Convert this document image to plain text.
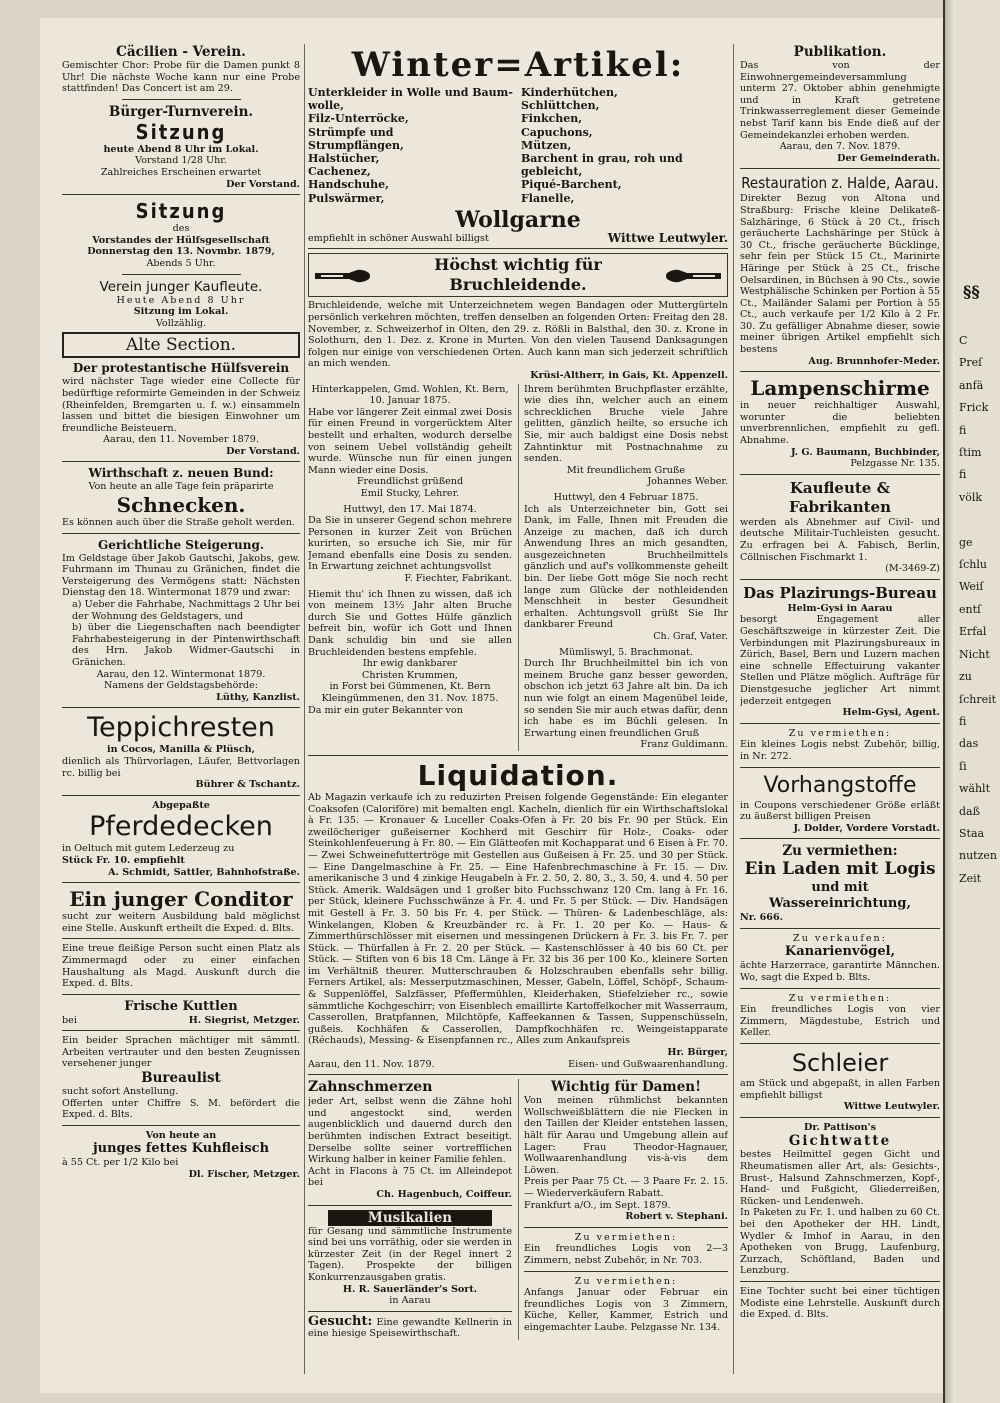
Cäcilien - Verein.

Gemischter Chor: Probe für die Damen punkt 8 Uhr! Die nächste Woche kann nur eine Probe stattfinden! Das Concert ist am 29.

Bürger-Turnverein.

Sitzung

heute Abend 8 Uhr im Lokal.

Vorstand 1/28 Uhr.

Zahlreiches Erscheinen erwartet

Der Vorstand.

Sitzung

des

Vorstandes der Hülfsgesellschaft

Donnerstag den 13. Novmbr. 1879,

Abends 5 Uhr.

Verein junger Kaufleute.

Heute Abend 8 Uhr

Sitzung im Lokal.

Vollzählig.

Alte Section.

Der protestantische Hülfsverein

wird nächster Tage wieder eine Collecte für bedürftige reformirte Gemeinden in der Schweiz (Rheinfelden, Bremgarten u. f. w.) einsammeln lassen und bittet die biesigen Einwohner um freundliche Beisteuern.

Aarau, den 11. November 1879.

Der Vorstand.

Wirthschaft z. neuen Bund:

Von heute an alle Tage fein präparirte

Schnecken.

Es können auch über die Straße geholt werden.

Gerichtliche Steigerung.

Im Geldstage über Jakob Gautschi, Jakobs, gew. Fuhrmann im Thunau zu Gränichen, findet die Versteigerung des Vermögens statt: Nächsten Dienstag den 18. Wintermonat 1879 und zwar:

a) Ueber die Fahrhabe, Nachmittags 2 Uhr bei der Wohnung des Geldstagers, und

b) über die Liegenschaften nach beendigter Fahrhabesteigerung in der Pintenwirthschaft des Hrn. Jakob Widmer-Gautschi in Gränichen.

Aarau, den 12. Wintermonat 1879.

Namens der Geldstagsbehörde:

Lüthy, Kanzlist.

Teppichresten

in Cocos, Manilla & Plüsch,

dienlich als Thürvorlagen, Läufer, Bettvorlagen rc. billig bei

Bührer & Tschantz.

Abgepaßte

Pferdedecken

in Oeltuch mit gutem Lederzeug zu

Stück Fr. 10. empfiehlt

A. Schmidt, Sattler, Bahnhofstraße.

Ein junger Conditor

sucht zur weitern Ausbildung bald möglichst eine Stelle. Auskunft ertheilt die Exped. d. Blts.

Eine treue fleißige Person sucht einen Platz als Zimmermagd oder zu einer einfachen Haushaltung als Magd. Auskunft durch die Exped. d. Blts.

Frische Kuttlen

bei	H. Siegrist, Metzger.

Ein beider Sprachen mächtiger mit sämmtl. Arbeiten vertrauter und den besten Zeugnissen versehener junger

Bureaulist

sucht sofort Anstellung.

Offerten unter Chiffre S. M. befördert die Exped. d. Blts.

Von heute an

junges fettes Kuhfleisch

à 55 Ct. per 1/2 Kilo bei

Dl. Fischer, Metzger.

Winter=Artikel:

Unterkleider in Wolle und Baum-
wolle,
Filz-Unterröcke,
Strümpfe und
Strumpflängen,
Halstücher,
Cachenez,
Handschuhe,
Pulswärmer,
Kinderhütchen,
Schlüttchen,
Finkchen,
Capuchons,
Mützen,
Barchent in grau, roh und gebleicht,
Piqué-Barchent,
Flanelle,

Wollgarne

empfiehlt in schöner Auswahl billigst	Wittwe Leutwyler.

Höchst wichtig für Bruchleidende.

Bruchleidende, welche mit Unterzeichnetem wegen Bandagen oder Muttergürteln persönlich verkehren möchten, treffen denselben an folgenden Orten: Freitag den 28. November, z. Schweizerhof in Olten, den 29. z. Rößli in Balsthal, den 30. z. Krone in Solothurn, den 1. Dez. z. Krone in Murten. Von den vielen Tausend Danksagungen folgen nur einige von verschiedenen Orten. Auch kann man sich jederzeit schriftlich an mich wenden.

Krüsi-Altherr, in Gais, Kt. Appenzell.

Hinterkappelen, Gmd. Wohlen, Kt. Bern, 10. Januar 1875.

Habe vor längerer Zeit einmal zwei Dosis für einen Freund in vorgerücktem Alter bestellt und erhalten, wodurch derselbe von seinem Uebel vollständig geheilt wurde. Wünsche nun für einen jungen Mann wieder eine Dosis.

Freundlichst grüßend

Emil Stucky, Lehrer.

Huttwyl, den 17. Mai 1874.

Da Sie in unserer Gegend schon mehrere Personen in kurzer Zeit von Brüchen kurirten, so ersuche ich Sie, mir für Jemand ebenfalls eine Dosis zu senden. In Erwartung zeichnet achtungsvollst

F. Fiechter, Fabrikant.

Hiemit thu' ich Ihnen zu wissen, daß ich von meinem 13½ Jahr alten Bruche durch Sie und Gottes Hülfe gänzlich befreit bin, wofür ich Gott und Ihnen Dank schuldig bin und sie allen Bruchleidenden bestens empfehle.

Ihr ewig dankbarer

Christen Krummen,

in Forst bei Gümmenen, Kt. Bern

Kleingümmenen, den 31. Nov. 1875.

Da mir ein guter Bekannter von

Ihrem berühmten Bruchpflaster erzählte, wie dies ihn, welcher auch an einem schrecklichen Bruche viele Jahre gelitten, gänzlich heilte, so ersuche ich Sie, mir auch baldigst eine Dosis nebst Zahntinktur mit Postnachnahme zu senden.

Mit freundlichem Gruße

Johannes Weber.

Huttwyl, den 4 Februar 1875.

Ich als Unterzeichneter bin, Gott sei Dank, im Falle, Ihnen mit Freuden die Anzeige zu machen, daß ich durch Anwendung Ihres an mich gesandten, ausgezeichneten Bruchheilmittels gänzlich und auf's vollkommenste geheilt bin. Der liebe Gott möge Sie noch recht lange zum Glücke der nothleidenden Menschheit in bester Gesundheit erhalten. Achtungsvoll grüßt Sie Ihr dankbarer Freund

Ch. Graf, Vater.

Mümliswyl, 5. Brachmonat.

Durch Ihr Bruchheilmittel bin ich von meinem Bruche ganz besser geworden, obschon ich jetzt 63 Jahre alt bin. Da ich nun wie folgt an einem Magenübel leide, so senden Sie mir auch etwas dafür, denn ich habe es im Büchli gelesen. In Erwartung einen freundlichen Gruß

Franz Guldimann.

Liquidation.

Ab Magazin verkaufe ich zu reduzirten Preisen folgende Gegenstände: Ein eleganter Coaksofen (Caloriföre) mit bemalten engl. Kacheln, dienlich für ein Wirthschaftslokal à Fr. 135. — Kronauer & Luceller Coaks-Ofen à Fr. 20 bis Fr. 90 per Stück. Ein zweilöcheriger gußeiserner Kochherd mit Geschirr für Holz-, Coaks- oder Steinkohlenfeuerung à Fr. 80. — Ein Glätteofen mit Kochapparat und 6 Eisen à Fr. 70. — Zwei Schweinefuttertröge mit Gestellen aus Gußeisen à Fr. 25. und 30 per Stück. — Eine Dangelmaschine à Fr. 25. — Eine Hafenbrechmaschine à Fr. 15. — Div. amerikanische 3 und 4 zinkige Heugabeln à Fr. 2. 50, 2. 80, 3., 3. 50, 4. und 4. 50 per Stück. Amerik. Waldsägen und 1 großer bito Fuchsschwanz 120 Cm. lang à Fr. 16. per Stück, kleinere Fuchsschwänze à Fr. 4. und Fr. 5 per Stück. — Div. Handsägen mit Gestell à Fr. 3. 50 bis Fr. 4. per Stück. — Thüren- & Ladenbeschläge, als: Winkelangen, Kloben & Kreuzbänder rc. à Fr. 1. 20 per Ko. — Haus- & Zimmerthürschlösser mit eisernen und messingenen Drückern à Fr. 3. bis Fr. 7. per Stück. — Thürfallen à Fr. 2. 20 per Stück. — Kastenschlösser à 40 bis 60 Ct. per Stück. — Stiften von 6 bis 18 Cm. Länge à Fr. 32 bis 36 per 100 Ko., kleinere Sorten im Verhältniß theurer. Mutterschrauben & Holzschrauben ebenfalls sehr billig. Ferners Artikel, als: Messerputzmaschinen, Messer, Gabeln, Löffel, Schöpf-, Schaum- & Suppenlöffel, Salzfässer, Pfeffermühlen, Kleiderhaken, Stiefelzieher rc., sowie sämmtliche Kochgeschirr; von Eisenblech emaillirte Kartoffelkocher mit Wasserraum, Casserollen, Bratpfannen, Milchtöpfe, Kaffeekannen & Tassen, Suppenschüsseln, gußeis. Kochhäfen & Casserollen, Dampfkochhäfen rc. Weingeistapparate (Réchauds), Messing- & Eisenpfannen rc., Alles zum Ankaufspreis

Hr. Bürger,

Aarau, den 11. Nov. 1879.	Eisen- und Gußwaarenhandlung.

Zahnschmerzen

jeder Art, selbst wenn die Zähne hohl und angestockt sind, werden augenblicklich und dauernd durch den berühmten indischen Extract beseitigt. Derselbe sollte seiner vortrefflichen Wirkung halber in keiner Familie fehlen.

Acht in Flacons à 75 Ct. im Alleindepot bei

Ch. Hagenbuch, Coiffeur.

Musikalien

für Gesang und sämmtliche Instrumente sind bei uns vorräthig, oder sie werden in kürzester Zeit (in der Regel innert 2 Tagen). Prospekte der billigen Konkurrenzausgaben gratis.

H. R. Sauerländer's Sort.

in Aarau

Gesucht: Eine gewandte Kellnerin in eine hiesige Speisewirthschaft.

Wichtig für Damen!

Von meinen rühmlichst bekannten Wollschweißblättern die nie Flecken in den Taillen der Kleider entstehen lassen, hält für Aarau und Umgebung allein auf Lager: Frau Theodor-Hagnauer, Wollwaarenhandlung vis-à-vis dem Löwen.

Preis per Paar 75 Ct. — 3 Paare Fr. 2. 15. — Wiederverkäufern Rabatt.

Frankfurt a/O., im Sept. 1879.

Robert v. Stephani.

Zu vermiethen:

Ein freundliches Logis von 2—3 Zimmern, nebst Zubehör, in Nr. 703.

Zu vermiethen:

Anfangs Januar oder Februar ein freundliches Logis von 3 Zimmern, Küche, Keller, Kammer, Estrich und eingemachter Laube. Pelzgasse Nr. 134.

Publikation.

Das von der Einwohnergemeindeversammlung unterm 27. Oktober abhin genehmigte und in Kraft getretene Trinkwasserreglement dieser Gemeinde nebst Tarif kann bis Ende dieß auf der Gemeindekanzlei erhoben werden.

Aarau, den 7. Nov. 1879.

Der Gemeinderath.

Restauration z. Halde, Aarau.

Direkter Bezug von Altona und Straßburg: Frische kleine Delikateß-Salzhäringe, 6 Stück à 20 Ct., frisch geräucherte Lachshäringe per Stück à 30 Ct., frische geräucherte Bücklinge, sehr fein per Stück 15 Ct., Marinirte Häringe per Stück à 25 Ct., frische Oelsardinen, in Büchsen à 90 Cts., sowie Westphälische Schinken per Portion à 55 Ct., Mailänder Salami per Portion à 55 Ct., auch verkaufe per 1/2 Kilo à 2 Fr. 30. Zu gefälliger Abnahme dieser, sowie meiner übrigen Artikel empfiehlt sich bestens

Aug. Brunnhofer-Meder.

Lampenschirme

in neuer reichhaltiger Auswahl, worunter die beliebten unverbrennlichen, empfiehlt zu gefl. Abnahme.

J. G. Baumann, Buchbinder,

Pelzgasse Nr. 135.

Kaufleute & Fabrikanten

werden als Abnehmer auf Civil- und deutsche Militair-Tuchleisten gesucht. Zu erfragen bei A. Fabisch, Berlin, Cöllnischen Fischmarkt 1.

(M-3469-Z)

Das Plazirungs-Bureau

Helm-Gysi in Aarau

besorgt Engagement aller Geschäftszweige in kürzester Zeit. Die Verbindungen mit Plazirungsbureaux in Zürich, Basel, Bern und Luzern machen eine schnelle Effectuirung vakanter Stellen und Plätze möglich. Aufträge für Dienstgesuche jeglicher Art nimmt jederzeit entgegen

Helm-Gysi, Agent.

Zu vermiethen:

Ein kleines Logis nebst Zubehör, billig, in Nr. 272.

Vorhangstoffe

in Coupons verschiedener Größe erläßt zu äußerst billigen Preisen

J. Dolder, Vordere Vorstadt.

Zu vermiethen:

Ein Laden mit Logis

und mit Wassereinrichtung,

Nr. 666.

Zu verkaufen:

Kanarienvögel,

ächte Harzerrace, garantirte Männchen. Wo, sagt die Exped b. Blts.

Zu vermiethen:

Ein freundliches Logis von vier Zimmern, Mägdestube, Estrich und Keller.

Schleier

am Stück und abgepaßt, in allen Farben empfiehlt billigst

Wittwe Leutwyler.

Dr. Pattison's

Gichtwatte

bestes Heilmittel gegen Gicht und Rheumatismen aller Art, als: Gesichts-, Brust-, Halsund Zahnschmerzen, Kopf-, Hand- und Fußgicht, Gliederreißen, Rücken- und Lendenweh.

In Paketen zu Fr. 1. und halben zu 60 Ct. bei den Apotheker der HH. Lindt, Wydler & Imhof in Aarau, in den Apotheken von Brugg, Laufenburg, Zurzach, Schöftland, Baden und Lenzburg.

Eine Tochter sucht bei einer tüchtigen Modiste eine Lehrstelle. Auskunft durch die Exped. d. Blts.

§§
C
Preſ
anfä
Frick
fi
ſtim
fi
völk

ge
ſchlu
Weiſ
entſ
Erfal
Nicht
zu
ſchreit
fi
das
ſi
wählt
daß
Staa
nutzen
Zeit
